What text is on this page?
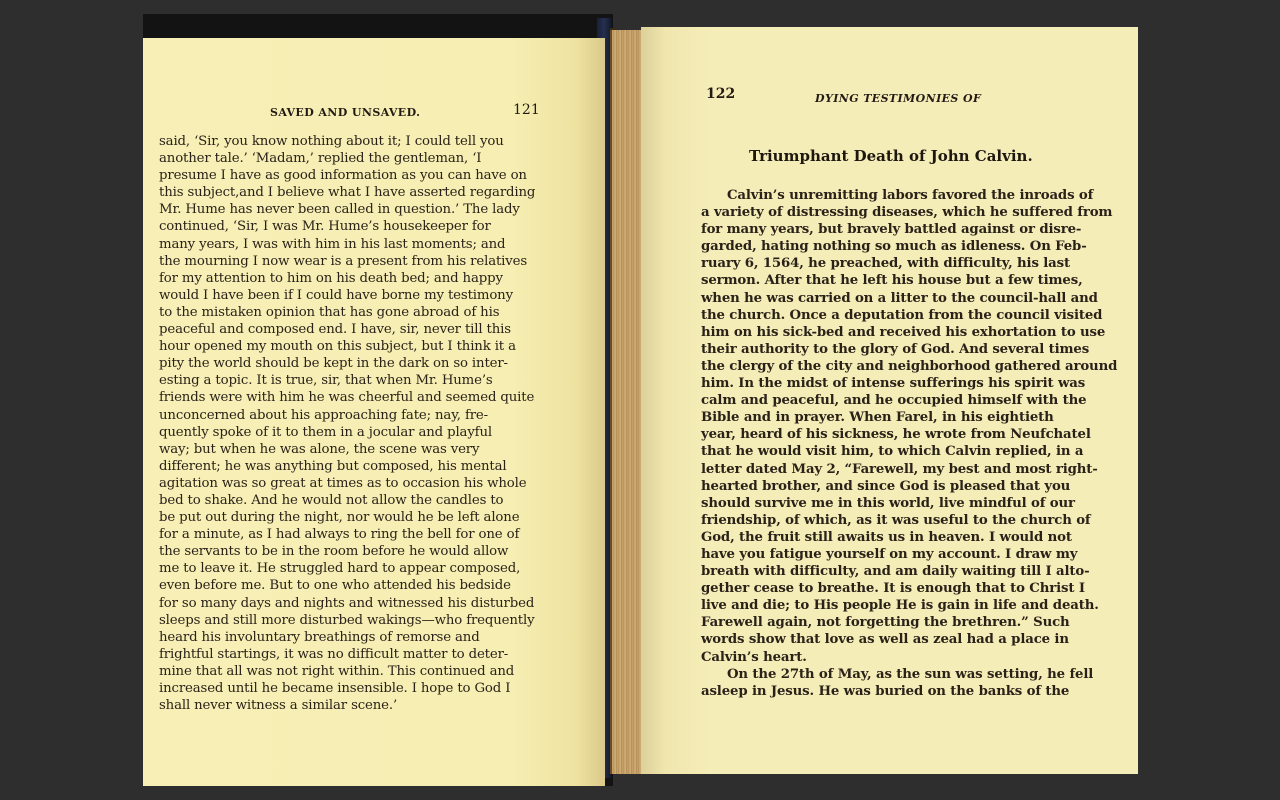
SAVED AND UNSAVED.	121
said, ‘Sir, you know nothing about it; I could tell you
another tale.’ ‘Madam,’ replied the gentleman, ‘I
presume I have as good information as you can have on
this subject,and I believe what I have asserted regarding
Mr. Hume has never been called in question.’ The lady
continued, ‘Sir, I was Mr. Hume’s housekeeper for
many years, I was with him in his last moments; and
the mourning I now wear is a present from his relatives
for my attention to him on his death bed; and happy
would I have been if I could have borne my testimony
to the mistaken opinion that has gone abroad of his
peaceful and composed end. I have, sir, never till this
hour opened my mouth on this subject, but I think it a
pity the world should be kept in the dark on so inter-
esting a topic. It is true, sir, that when Mr. Hume’s
friends were with him he was cheerful and seemed quite
unconcerned about his approaching fate; nay, fre-
quently spoke of it to them in a jocular and playful
way; but when he was alone, the scene was very
different; he was anything but composed, his mental
agitation was so great at times as to occasion his whole
bed to shake. And he would not allow the candles to
be put out during the night, nor would he be left alone
for a minute, as I had always to ring the bell for one of
the servants to be in the room before he would allow
me to leave it. He struggled hard to appear composed,
even before me. But to one who attended his bedside
for so many days and nights and witnessed his disturbed
sleeps and still more disturbed wakings—who frequently
heard his involuntary breathings of remorse and
frightful startings, it was no difficult matter to deter-
mine that all was not right within. This continued and
increased until he became insensible. I hope to God I
shall never witness a similar scene.’
122	DYING TESTIMONIES OF
Triumphant Death of John Calvin.
Calvin’s unremitting labors favored the inroads of
a variety of distressing diseases, which he suffered from
for many years, but bravely battled against or disre-
garded, hating nothing so much as idleness. On Feb-
ruary 6, 1564, he preached, with difficulty, his last
sermon. After that he left his house but a few times,
when he was carried on a litter to the council-hall and
the church. Once a deputation from the council visited
him on his sick-bed and received his exhortation to use
their authority to the glory of God. And several times
the clergy of the city and neighborhood gathered around
him. In the midst of intense sufferings his spirit was
calm and peaceful, and he occupied himself with the
Bible and in prayer. When Farel, in his eightieth
year, heard of his sickness, he wrote from Neufchatel
that he would visit him, to which Calvin replied, in a
letter dated May 2, “Farewell, my best and most right-
hearted brother, and since God is pleased that you
should survive me in this world, live mindful of our
friendship, of which, as it was useful to the church of
God, the fruit still awaits us in heaven. I would not
have you fatigue yourself on my account. I draw my
breath with difficulty, and am daily waiting till I alto-
gether cease to breathe. It is enough that to Christ I
live and die; to His people He is gain in life and death.
Farewell again, not forgetting the brethren.” Such
words show that love as well as zeal had a place in
Calvin’s heart.
On the 27th of May, as the sun was setting, he fell
asleep in Jesus. He was buried on the banks of the
